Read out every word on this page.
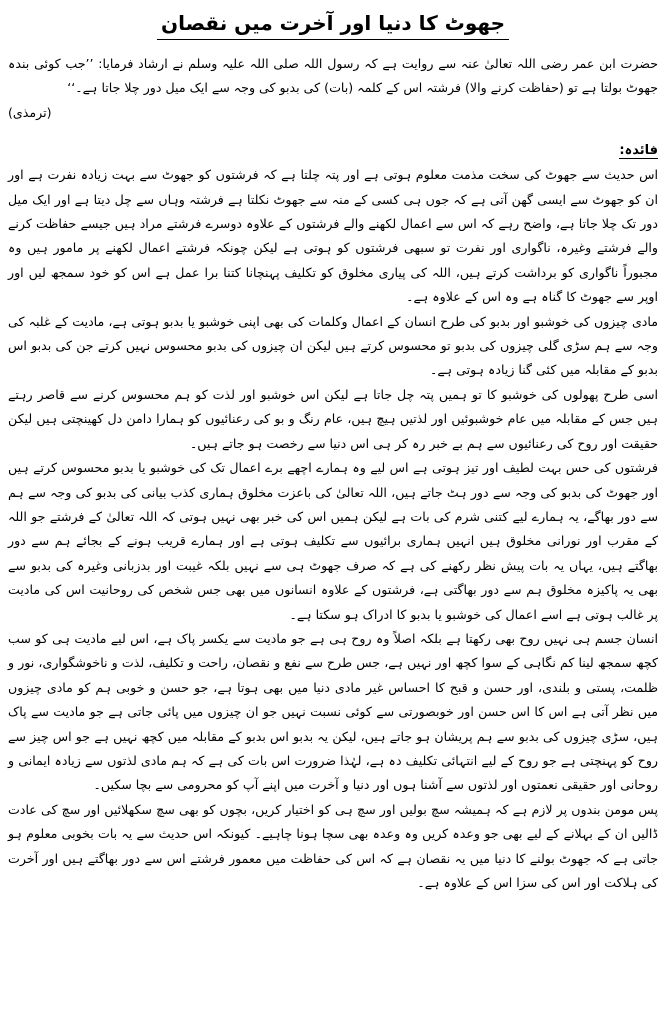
جھوٹ کا دنیا اور آخرت میں نقصان

حضرت ابن عمر رضی اللہ تعالیٰ عنہ سے روایت ہے کہ رسول اللہ صلی اللہ علیہ وسلم نے ارشاد فرمایا: ’’جب کوئی بندہ جھوٹ بولتا ہے تو (حفاظت کرنے والا) فرشتہ اس کے کلمہ (بات) کی بدبو کی وجہ سے ایک میل دور چلا جاتا ہے۔‘‘

(ترمذی)

فائدہ:

اس حدیث سے جھوٹ کی سخت مذمت معلوم ہوتی ہے اور پتہ چلتا ہے کہ فرشتوں کو جھوٹ سے بہت زیادہ نفرت ہے اور ان کو جھوٹ سے ایسی گھن آتی ہے کہ جوں ہی کسی کے منہ سے جھوٹ نکلتا ہے فرشتہ وہاں سے چل دیتا ہے اور ایک میل دور تک چلا جاتا ہے، واضح رہے کہ اس سے اعمال لکھنے والے فرشتوں کے علاوہ دوسرے فرشتے مراد ہیں جیسے حفاظت کرنے والے فرشتے وغیرہ، ناگواری اور نفرت تو سبھی فرشتوں کو ہوتی ہے لیکن چونکہ فرشتے اعمال لکھنے پر مامور ہیں وہ مجبوراً ناگواری کو برداشت کرتے ہیں، اللہ کی پیاری مخلوق کو تکلیف پہنچانا کتنا برا عمل ہے اس کو خود سمجھ لیں اور اوپر سے جھوٹ کا گناہ ہے وہ اس کے علاوہ ہے۔

مادی چیزوں کی خوشبو اور بدبو کی طرح انسان کے اعمال وکلمات کی بھی اپنی خوشبو یا بدبو ہوتی ہے، مادیت کے غلبہ کی وجہ سے ہم سڑی گلی چیزوں کی بدبو تو محسوس کرتے ہیں لیکن ان چیزوں کی بدبو محسوس نہیں کرتے جن کی بدبو اس بدبو کے مقابلہ میں کئی گنا زیادہ ہوتی ہے۔

اسی طرح پھولوں کی خوشبو کا تو ہمیں پتہ چل جاتا ہے لیکن اس خوشبو اور لذت کو ہم محسوس کرنے سے قاصر رہتے ہیں جس کے مقابلہ میں عام خوشبوئیں اور لذتیں ہیچ ہیں، عام رنگ و بو کی رعنائیوں کو ہمارا دامن دل کھینچتی ہیں لیکن حقیقت اور روح کی رعنائیوں سے ہم بے خبر رہ کر ہی اس دنیا سے رخصت ہو جاتے ہیں۔

فرشتوں کی حس بہت لطیف اور تیز ہوتی ہے اس لیے وہ ہمارے اچھے برے اعمال تک کی خوشبو یا بدبو محسوس کرتے ہیں اور جھوٹ کی بدبو کی وجہ سے دور ہٹ جاتے ہیں، اللہ تعالیٰ کی باعزت مخلوق ہماری کذب بیانی کی بدبو کی وجہ سے ہم سے دور بھاگے، یہ ہمارے لیے کتنی شرم کی بات ہے لیکن ہمیں اس کی خبر بھی نہیں ہوتی کہ اللہ تعالیٰ کے فرشتے جو اللہ کے مقرب اور نورانی مخلوق ہیں انہیں ہماری برائیوں سے تکلیف ہوتی ہے اور ہمارے قریب ہونے کے بجائے ہم سے دور بھاگتے ہیں، یہاں یہ بات پیش نظر رکھنے کی ہے کہ صرف جھوٹ ہی سے نہیں بلکہ غیبت اور بدزبانی وغیرہ کی بدبو سے بھی یہ پاکیزہ مخلوق ہم سے دور بھاگتی ہے، فرشتوں کے علاوہ انسانوں میں بھی جس شخص کی روحانیت اس کی مادیت پر غالب ہوتی ہے اسے اعمال کی خوشبو یا بدبو کا ادراک ہو سکتا ہے۔

انسان جسم ہی نہیں روح بھی رکھتا ہے بلکہ اصلاً وہ روح ہی ہے جو مادیت سے یکسر پاک ہے، اس لیے مادیت ہی کو سب کچھ سمجھ لینا کم نگاہی کے سوا کچھ اور نہیں ہے، جس طرح سے نفع و نقصان، راحت و تکلیف، لذت و ناخوشگواری، نور و ظلمت، پستی و بلندی، اور حسن و قبح کا احساس غیر مادی دنیا میں بھی ہوتا ہے، جو حسن و خوبی ہم کو مادی چیزوں میں نظر آتی ہے اس کا اس حسن اور خوبصورتی سے کوئی نسبت نہیں جو ان چیزوں میں پائی جاتی ہے جو مادیت سے پاک ہیں، سڑی چیزوں کی بدبو سے ہم پریشان ہو جاتے ہیں، لیکن یہ بدبو اس بدبو کے مقابلہ میں کچھ نہیں ہے جو اس چیز سے روح کو پہنچتی ہے جو روح کے لیے انتہائی تکلیف دہ ہے، لہٰذا ضرورت اس بات کی ہے کہ ہم مادی لذتوں سے زیادہ ایمانی و روحانی اور حقیقی نعمتوں اور لذتوں سے آشنا ہوں اور دنیا و آخرت میں اپنے آپ کو محرومی سے بچا سکیں۔

پس مومن بندوں پر لازم ہے کہ ہمیشہ سچ بولیں اور سچ ہی کو اختیار کریں، بچوں کو بھی سچ سکھلائیں اور سچ کی عادت ڈالیں ان کے بہلانے کے لیے بھی جو وعدہ کریں وہ وعدہ بھی سچا ہونا چاہیے۔ کیونکہ اس حدیث سے یہ بات بخوبی معلوم ہو جاتی ہے کہ جھوٹ بولنے کا دنیا میں یہ نقصان ہے کہ اس کی حفاظت میں معمور فرشتے اس سے دور بھاگتے ہیں اور آخرت کی ہلاکت اور اس کی سزا اس کے علاوہ ہے۔
